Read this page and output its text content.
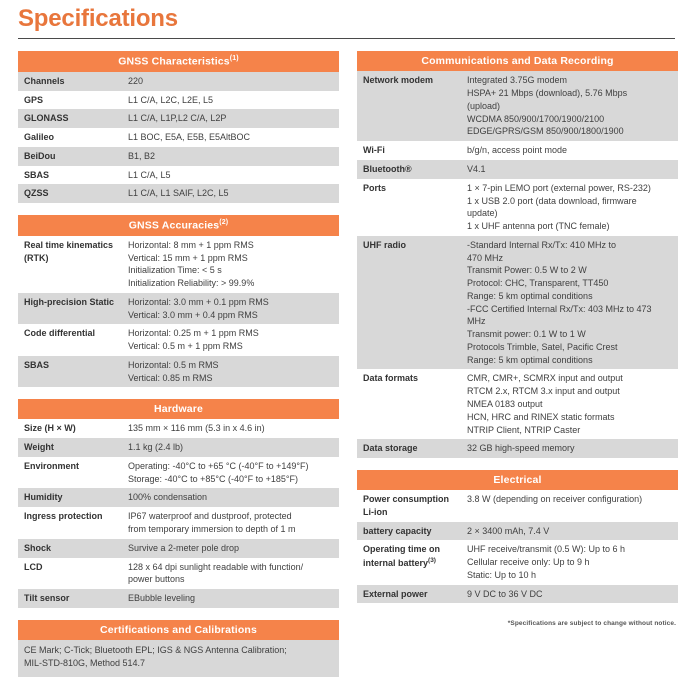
Specifications
GNSS Characteristics$^{(1)}$
Channels	220

GPS	L1 C/A, L2C, L2E, L5

GLONASS	L1 C/A, L1P,L2 C/A, L2P

Galileo	L1 BOC, E5A, E5B, E5AltBOC

BeiDou	B1, B2

SBAS	L1 C/A, L5

QZSS	L1 C/A, L1 SAIF, L2C, L5
GNSS Accuracies$^{(2)}$
Real time kinematics (RTK)	Horizontal: 8 mm + 1 ppm RMS
Vertical: 15 mm + 1 ppm RMS
Initialization Time: < 5 s
Initialization Reliability: > 99.9%

High-precision Static	Horizontal: 3.0 mm + 0.1 ppm RMS
Vertical: 3.0 mm + 0.4 ppm RMS

Code differential	Horizontal: 0.25 m + 1 ppm RMS
Vertical: 0.5 m + 1 ppm RMS

SBAS	Horizontal: 0.5 m RMS
Vertical: 0.85 m RMS
Hardware
Size (H × W)	135 mm × 116 mm (5.3 in x 4.6 in)

Weight	1.1 kg (2.4 lb)

Environment	Operating: -40°C to +65 °C (-40°F to +149°F)
Storage: -40°C to +85°C (-40°F to +185°F)

Humidity	100% condensation

Ingress protection	IP67 waterproof and dustproof, protected
from temporary immersion to depth of 1 m

Shock	Survive a 2-meter pole drop

LCD	128 x 64 dpi sunlight readable with function/
power buttons

Tilt sensor	EBubble leveling
Certifications and Calibrations
CE Mark; C-Tick; Bluetooth EPL; IGS & NGS Antenna Calibration;
MIL-STD-810G, Method 514.7
Communications and Data Recording
Network modem	Integrated 3.75G modem
HSPA+ 21 Mbps (download), 5.76 Mbps
(upload)
WCDMA 850/900/1700/1900/2100
EDGE/GPRS/GSM 850/900/1800/1900

Wi-Fi	b/g/n, access point mode

Bluetooth®	V4.1

Ports	1 × 7-pin LEMO port (external power, RS-232)
1 x USB 2.0 port (data download, firmware
update)
1 x UHF antenna port (TNC female)

UHF radio	-Standard Internal Rx/Tx: 410 MHz to
470 MHz
Transmit Power: 0.5 W to 2 W
Protocol: CHC, Transparent, TT450
Range: 5 km optimal conditions
-FCC Certified Internal Rx/Tx: 403 MHz to 473
MHz
Transmit power: 0.1 W to 1 W
Protocols Trimble, Satel, Pacific Crest
Range: 5 km optimal conditions

Data formats	CMR, CMR+, SCMRX input and output
RTCM 2.x, RTCM 3.x input and output
NMEA 0183 output
HCN, HRC and RINEX static formats
NTRIP Client, NTRIP Caster

Data storage	32 GB high-speed memory
Electrical
Power consumption Li-ion	3.8 W (depending on receiver configuration)

battery capacity	2 × 3400 mAh, 7.4 V

Operating time on internal battery$^{(3)}$	UHF receive/transmit (0.5 W): Up to 6 h
Cellular receive only: Up to 9 h
Static: Up to 10 h

External power	9 V DC to 36 V DC
*Specifications are subject to change without notice.
